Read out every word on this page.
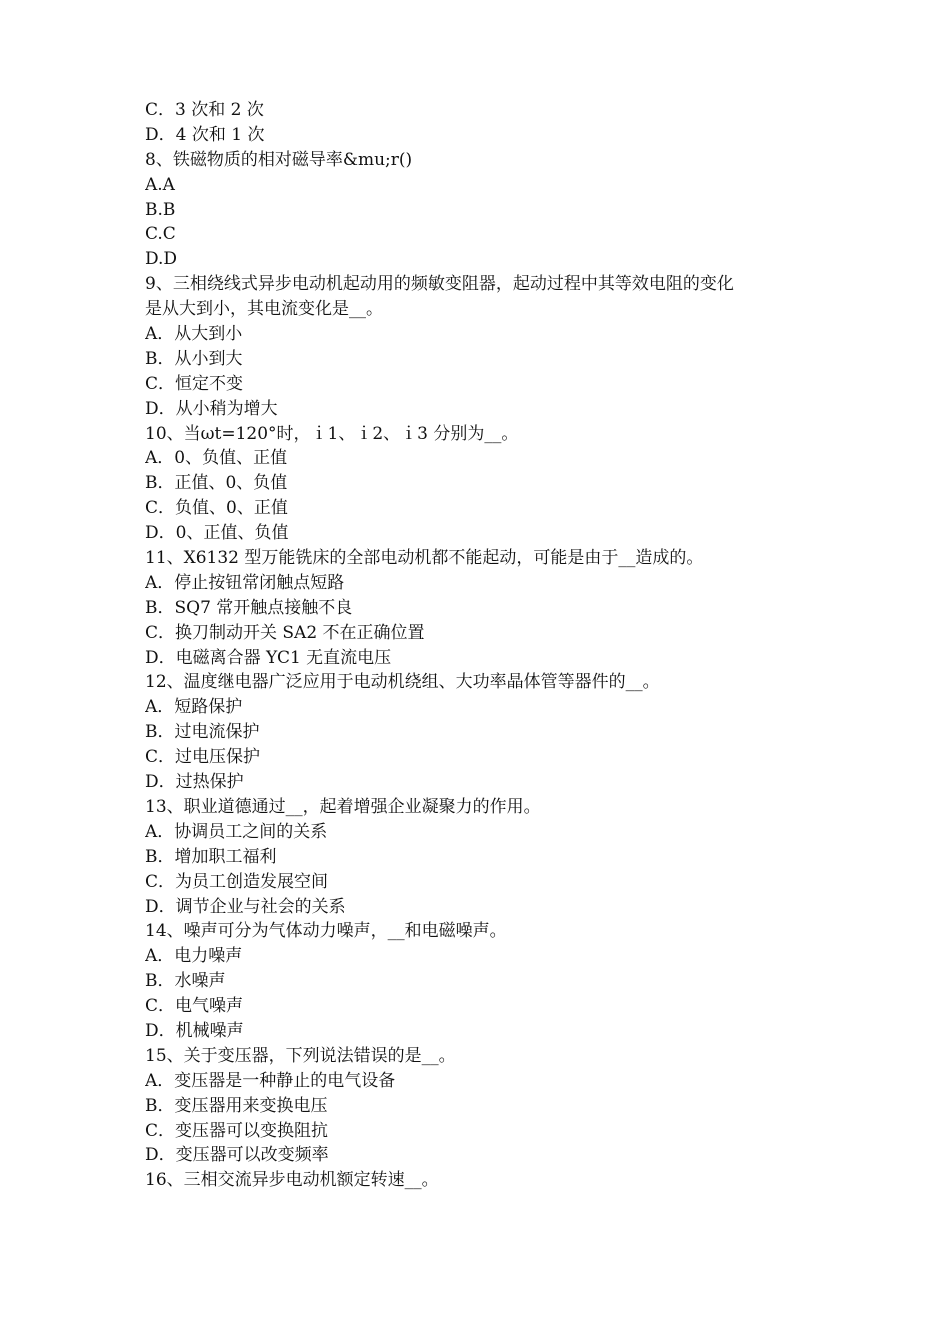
C．3 次和 2 次
D．4 次和 1 次
8、铁磁物质的相对磁导率&mu;r()
A.A
B.B
C.C
D.D
9、三相绕线式异步电动机起动用的频敏变阻器，起动过程中其等效电阻的变化
是从大到小，其电流变化是__。
A．从大到小
B．从小到大
C．恒定不变
D．从小稍为增大
10、当ωt=120°时，ｉ1、ｉ2、ｉ3 分别为__。
A．0、负值、正值
B．正值、0、负值
C．负值、0、正值
D．0、正值、负值
11、X6132 型万能铣床的全部电动机都不能起动，可能是由于__造成的。
A．停止按钮常闭触点短路
B．SQ7 常开触点接触不良
C．换刀制动开关 SA2 不在正确位置
D．电磁离合器 YC1 无直流电压
12、温度继电器广泛应用于电动机绕组、大功率晶体管等器件的__。
A．短路保护
B．过电流保护
C．过电压保护
D．过热保护
13、职业道德通过__，起着增强企业凝聚力的作用。
A．协调员工之间的关系
B．增加职工福利
C．为员工创造发展空间
D．调节企业与社会的关系
14、噪声可分为气体动力噪声，__和电磁噪声。
A．电力噪声
B．水噪声
C．电气噪声
D．机械噪声
15、关于变压器，下列说法错误的是__。
A．变压器是一种静止的电气设备
B．变压器用来变换电压
C．变压器可以变换阻抗
D．变压器可以改变频率
16、三相交流异步电动机额定转速__。
